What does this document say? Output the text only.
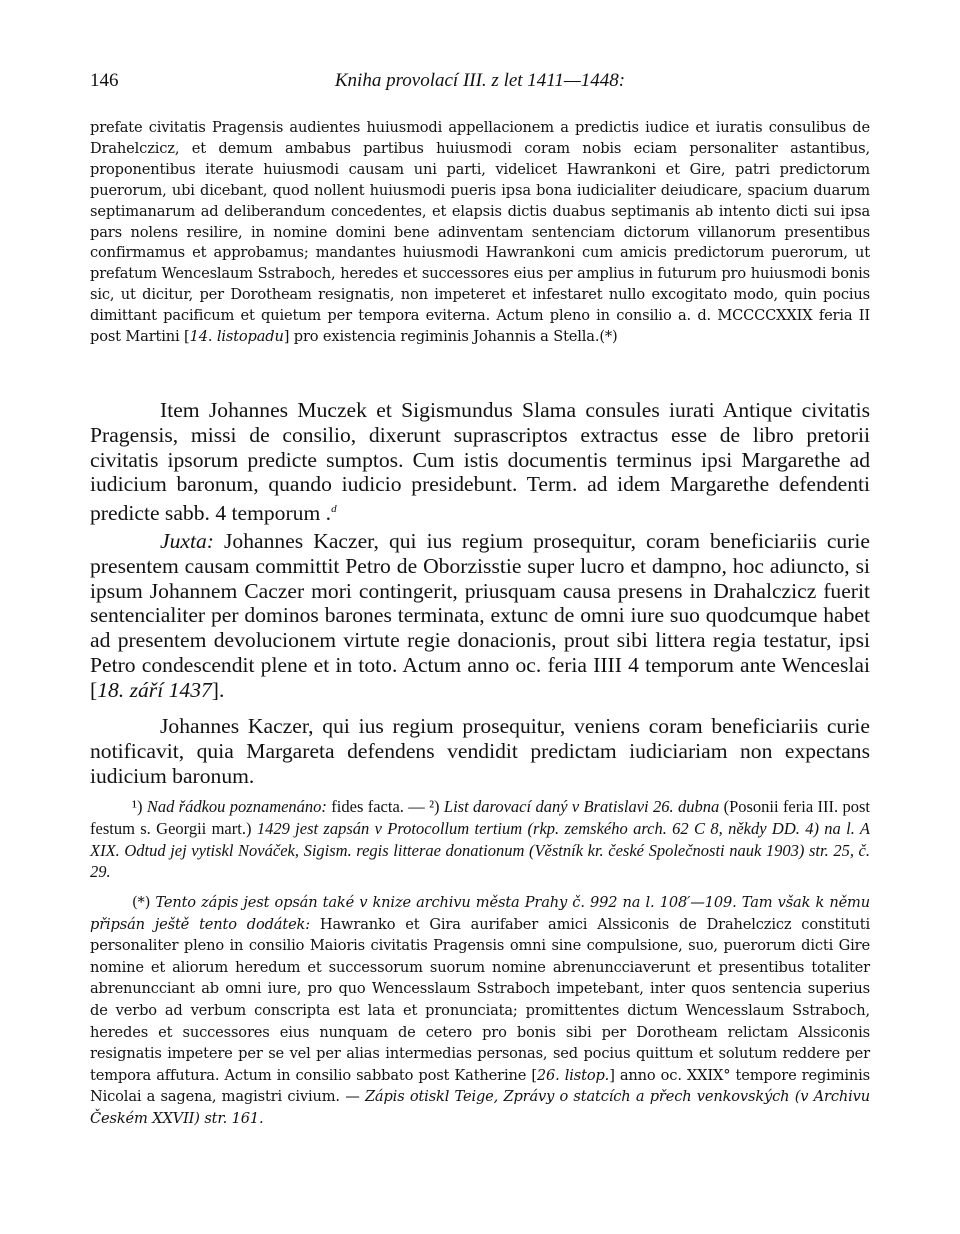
146	Kniha provolací III. z let 1411—1448:

prefate civitatis Pragensis audientes huiusmodi appellacionem a predictis iudice et iuratis consulibus de Drahelczicz, et demum ambabus partibus huiusmodi coram nobis eciam personaliter astantibus, proponentibus iterate huiusmodi causam uni parti, videlicet Hawrankoni et Gire, patri predictorum puerorum, ubi dicebant, quod nollent huiusmodi pueris ipsa bona iudicialiter deiudicare, spacium duarum septimanarum ad deliberandum concedentes, et elapsis dictis duabus septimanis ab intento dicti sui ipsa pars nolens resilire, in nomine domini bene adinventam sentenciam dictorum villanorum presentibus confirmamus et approbamus; mandantes huiusmodi Hawrankoni cum amicis predictorum puerorum, ut prefatum Wenceslaum Sstraboch, heredes et successores eius per amplius in futurum pro huiusmodi bonis sic, ut dicitur, per Dorotheam resignatis, non impeteret et infestaret nullo excogitato modo, quin pocius dimittant pacificum et quietum per tempora eviterna. Actum pleno in consilio a. d. MCCCCXXIX feria II post Martini [14. listopadu] pro existencia regiminis Johannis a Stella.(*)

Item Johannes Muczek et Sigismundus Slama consules iurati Antique civitatis Pragensis, missi de consilio, dixerunt suprascriptos extractus esse de libro pretorii civitatis ipsorum predicte sumptos. Cum istis documentis terminus ipsi Margarethe ad iudicium baronum, quando iudicio presidebunt. Term. ad idem Margarethe defendenti predicte sabb. 4 temporum .$^d$

Juxta: Johannes Kaczer, qui ius regium prosequitur, coram beneficiariis curie presentem causam committit Petro de Oborzisstie super lucro et dampno, hoc adiuncto, si ipsum Johannem Caczer mori contingerit, priusquam causa presens in Drahalczicz fuerit sentencialiter per dominos barones terminata, extunc de omni iure suo quodcumque habet ad presentem devolucionem virtute regie donacionis, prout sibi littera regia testatur, ipsi Petro condescendit plene et in toto. Actum anno oc. feria IIII 4 temporum ante Wenceslai [18. září 1437].

Johannes Kaczer, qui ius regium prosequitur, veniens coram beneficiariis curie notificavit, quia Margareta defendens vendidit predictam iudiciariam non expectans iudicium baronum.

¹) Nad řádkou poznamenáno: fides facta. — ²) List darovací daný v Bratislavi 26. dubna (Posonii feria III. post festum s. Georgii mart.) 1429 jest zapsán v Protocollum tertium (rkp. zemského arch. 62 C 8, někdy DD. 4) na l. A XIX. Odtud jej vytiskl Nováček, Sigism. regis litterae donationum (Věstník kr. české Společnosti nauk 1903) str. 25, č. 29.

(*) Tento zápis jest opsán také v knize archivu města Prahy č. 992 na l. 108′—109. Tam však k němu připsán ještě tento dodátek: Hawranko et Gira aurifaber amici Alssiconis de Drahelczicz constituti personaliter pleno in consilio Maioris civitatis Pragensis omni sine compulsione, suo, puerorum dicti Gire nomine et aliorum heredum et successorum suorum nomine abrenuncciaverunt et presentibus totaliter abrenuncciant ab omni iure, pro quo Wencesslaum Sstraboch impetebant, inter quos sentencia superius de verbo ad verbum conscripta est lata et pronunciata; promittentes dictum Wencesslaum Sstraboch, heredes et successores eius nunquam de cetero pro bonis sibi per Dorotheam relictam Alssiconis resignatis impetere per se vel per alias intermedias personas, sed pocius quittum et solutum reddere per tempora affutura. Actum in consilio sabbato post Katherine [26. listop.] anno oc. XXIX° tempore regiminis Nicolai a sagena, magistri civium. — Zápis otiskl Teige, Zprávy o statcích a přech venkovských (v Archivu Českém XXVII) str. 161.
